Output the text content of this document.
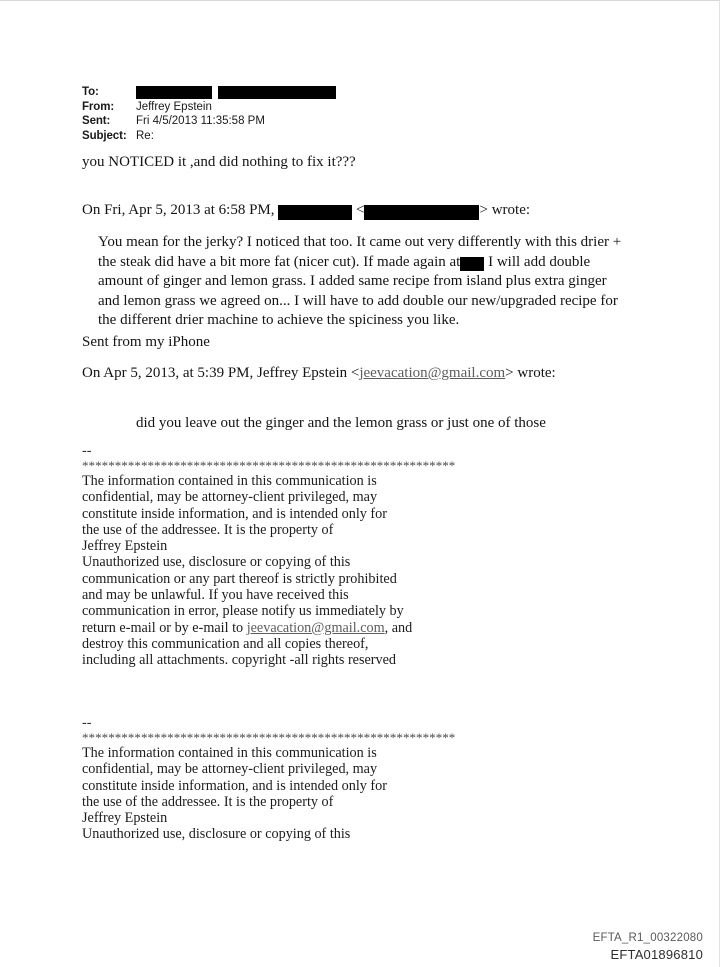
To:
From:	Jeffrey Epstein
Sent:	Fri 4/5/2013 11:35:58 PM
Subject: Re:
you NOTICED it ,and did nothing to fix it???
On Fri, Apr 5, 2013 at 6:58 PM,	<	> wrote:
You mean for the jerky? I noticed that too. It came out very differently with this drier + the steak did have a bit more fat (nicer cut). If made again at I will add double amount of ginger and lemon grass. I added same recipe from island plus extra ginger and lemon grass we agreed on... I will have to add double our new/upgraded recipe for the different drier machine to achieve the spiciness you like.
Sent from my iPhone
On Apr 5, 2013, at 5:39 PM, Jeffrey Epstein <jeevacation@gmail.com> wrote:
did you leave out the ginger and the lemon grass or just one of those
--
*********************************************************
The information contained in this communication is
confidential, may be attorney-client privileged, may
constitute inside information, and is intended only for
the use of the addressee. It is the property of
Jeffrey Epstein
Unauthorized use, disclosure or copying of this
communication or any part thereof is strictly prohibited
and may be unlawful. If you have received this
communication in error, please notify us immediately by
return e-mail or by e-mail to jeevacation@gmail.com, and
destroy this communication and all copies thereof,
including all attachments. copyright -all rights reserved
--
*********************************************************
The information contained in this communication is
confidential, may be attorney-client privileged, may
constitute inside information, and is intended only for
the use of the addressee. It is the property of
Jeffrey Epstein
Unauthorized use, disclosure or copying of this
EFTA_R1_00322080
EFTA01896810
